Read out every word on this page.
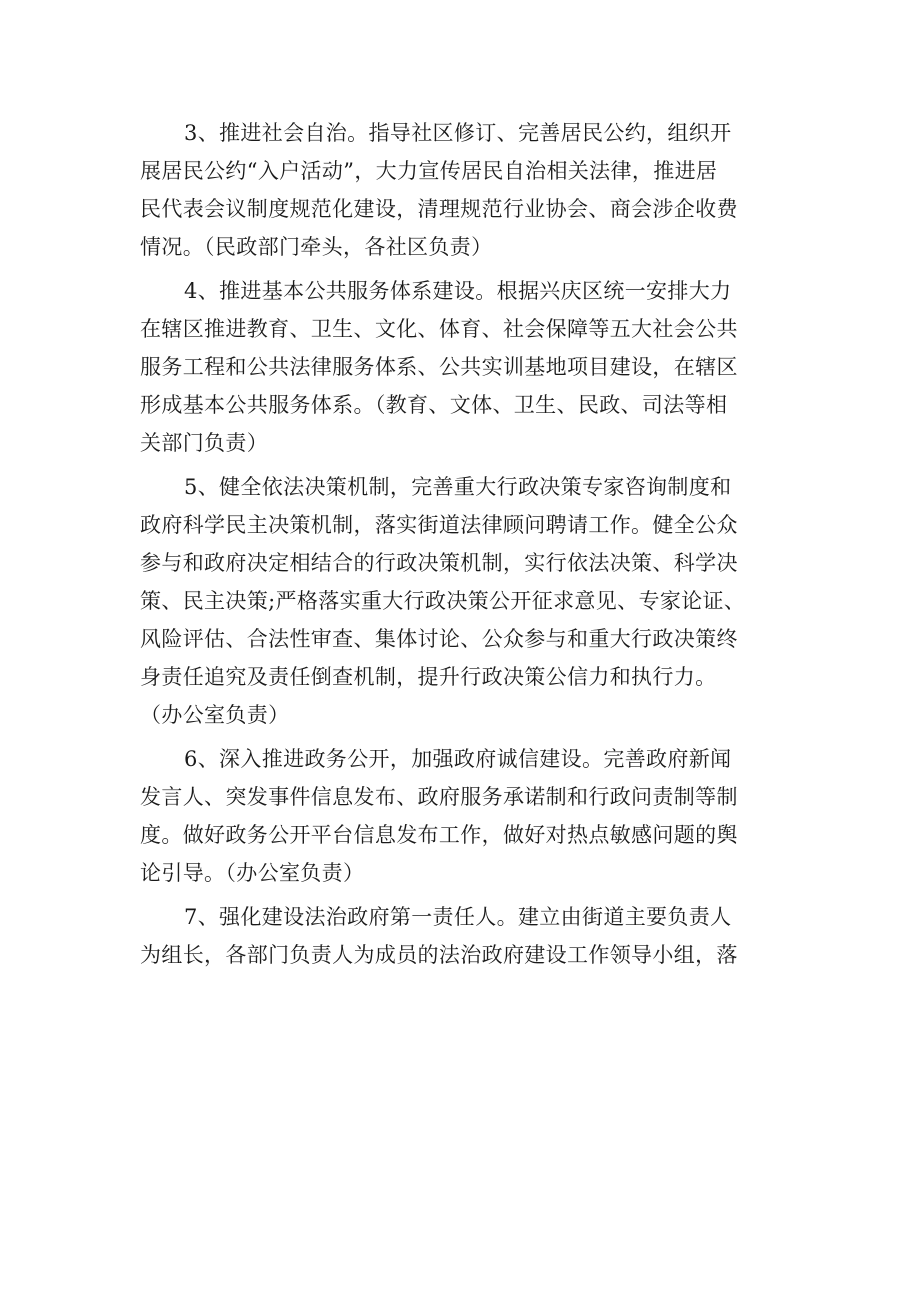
3、推进社会自治。指导社区修订、完善居民公约，组织开
展居民公约“入户活动”，大力宣传居民自治相关法律，推进居
民代表会议制度规范化建设，清理规范行业协会、商会涉企收费
情况。（民政部门牵头，各社区负责）
4、推进基本公共服务体系建设。根据兴庆区统一安排大力
在辖区推进教育、卫生、文化、体育、社会保障等五大社会公共
服务工程和公共法律服务体系、公共实训基地项目建设，在辖区
形成基本公共服务体系。（教育、文体、卫生、民政、司法等相
关部门负责）
5、健全依法决策机制，完善重大行政决策专家咨询制度和
政府科学民主决策机制，落实街道法律顾问聘请工作。健全公众
参与和政府决定相结合的行政决策机制，实行依法决策、科学决
策、民主决策;严格落实重大行政决策公开征求意见、专家论证、
风险评估、合法性审查、集体讨论、公众参与和重大行政决策终
身责任追究及责任倒查机制，提升行政决策公信力和执行力。
（办公室负责）
6、深入推进政务公开，加强政府诚信建设。完善政府新闻
发言人、突发事件信息发布、政府服务承诺制和行政问责制等制
度。做好政务公开平台信息发布工作，做好对热点敏感问题的舆
论引导。（办公室负责）
7、强化建设法治政府第一责任人。建立由街道主要负责人
为组长，各部门负责人为成员的法治政府建设工作领导小组，落
